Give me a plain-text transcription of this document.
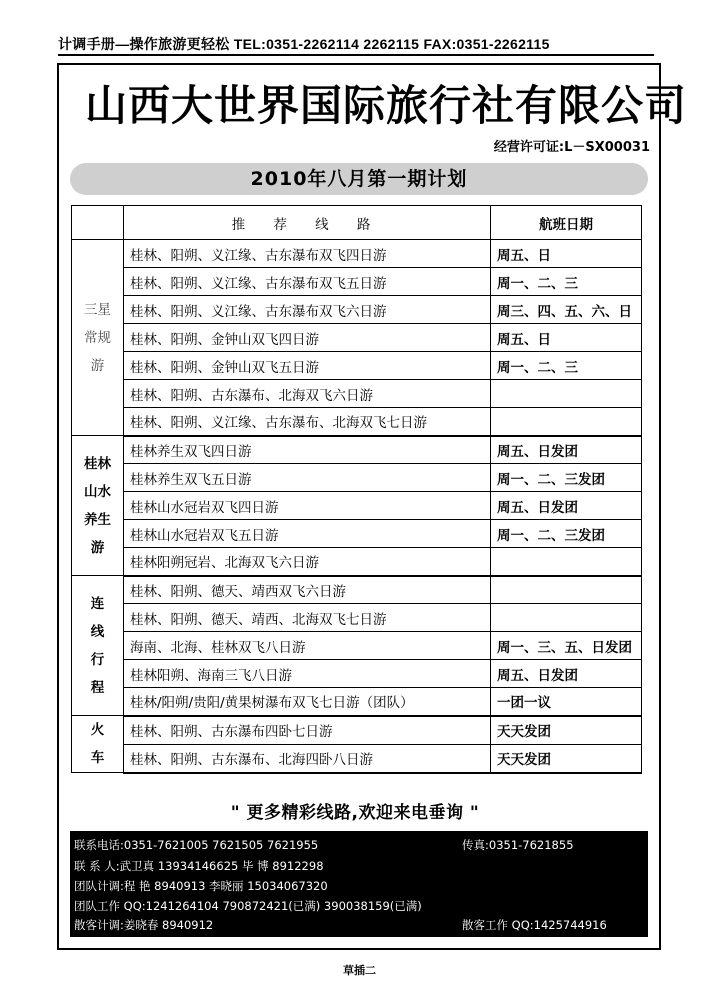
计调手册—操作旅游更轻松 TEL:0351-2262114 2262115 FAX:0351-2262115
山西大世界国际旅行社有限公司
经营许可证:L－SX00031
2010年八月第一期计划
	推 荐 线 路	航班日期

三星
常规
游	桂林、阳朔、义江缘、古东瀑布双飞四日游	周五、日
	桂林、阳朔、义江缘、古东瀑布双飞五日游	周一、二、三
	桂林、阳朔、义江缘、古东瀑布双飞六日游	周三、四、五、六、日
	桂林、阳朔、金钟山双飞四日游	周五、日
	桂林、阳朔、金钟山双飞五日游	周一、二、三
	桂林、阳朔、古东瀑布、北海双飞六日游	
	桂林、阳朔、义江缘、古东瀑布、北海双飞七日游	

桂林
山水
养生
游	桂林养生双飞四日游	周五、日发团
	桂林养生双飞五日游	周一、二、三发团
	桂林山水冠岩双飞四日游	周五、日发团
	桂林山水冠岩双飞五日游	周一、二、三发团
	桂林阳朔冠岩、北海双飞六日游	

连
线
行
程	桂林、阳朔、德天、靖西双飞六日游	
	桂林、阳朔、德天、靖西、北海双飞七日游	
	海南、北海、桂林双飞八日游	周一、三、五、日发团
	桂林阳朔、海南三飞八日游	周五、日发团
	桂林/阳朔/贵阳/黄果树瀑布双飞七日游（团队）	一团一议

火
车	桂林、阳朔、古东瀑布四卧七日游	天天发团
	桂林、阳朔、古东瀑布、北海四卧八日游	天天发团
" 更多精彩线路,欢迎来电垂询 "
联系电话:0351-7621005 7621505 7621955	传真:0351-7621855
联 系 人:武卫真 13934146625 毕 博 8912298
团队计调:程 艳 8940913 李晓丽 15034067320
团队工作 QQ:1241264104 790872421(已满) 390038159(已满)
散客计调:姜晓春 8940912	散客工作 QQ:1425744916
草插二
